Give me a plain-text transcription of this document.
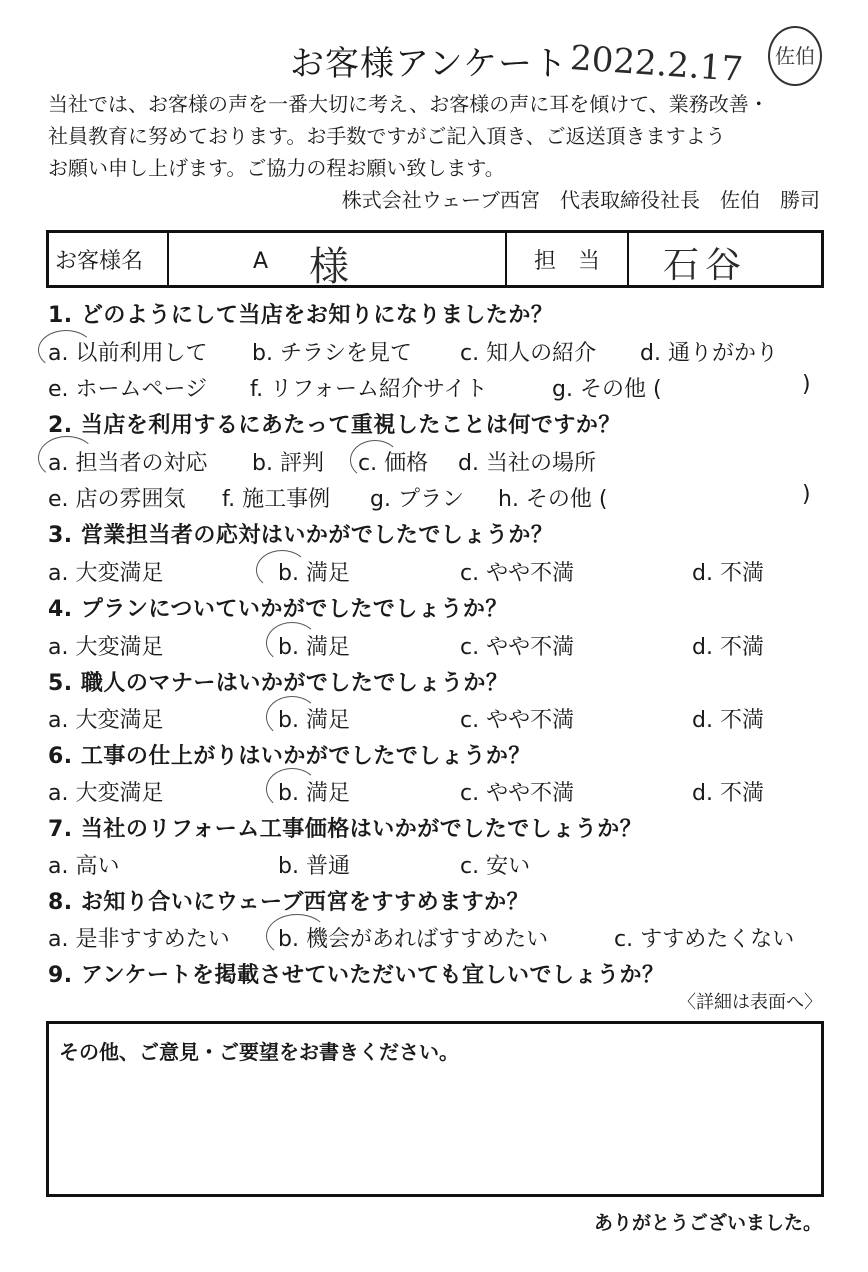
お客様アンケート 2022.2.17 佐伯
当社では、お客様の声を一番大切に考え、お客様の声に耳を傾けて、業務改善・
社員教育に努めております。お手数ですがご記入頂き、ご返送頂きますよう
お願い申し上げます。ご協力の程お願い致します。
株式会社ウェーブ西宮　代表取締役社長　佐伯　勝司
お客様名	A 様	担　当 石谷
1. どのようにして当店をお知りになりましたか？
a. 以前利用して b. チラシを見て c. 知人の紹介 d. 通りがかり
e. ホームページ f. リフォーム紹介サイト	g. その他 (	)
2. 当店を利用するにあたって重視したことは何ですか？
a. 担当者の対応 b. 評判 c. 価格 d. 当社の場所
e. 店の雰囲気 f. 施工事例 g. プラン h. その他 (	)
3. 営業担当者の応対はいかがでしたでしょうか？
a. 大変満足	b. 満足	c. やや不満	d. 不満
4. プランについていかがでしたでしょうか？
a. 大変満足	b. 満足	c. やや不満	d. 不満
5. 職人のマナーはいかがでしたでしょうか？
a. 大変満足	b. 満足	c. やや不満	d. 不満
6. 工事の仕上がりはいかがでしたでしょうか？
a. 大変満足	b. 満足	c. やや不満	d. 不満
7. 当社のリフォーム工事価格はいかがでしたでしょうか？
a. 高い	b. 普通	c. 安い
8. お知り合いにウェーブ西宮をすすめますか？
a. 是非すすめたい b. 機会があればすすめたい	c. すすめたくない
9. アンケートを掲載させていただいても宜しいでしょうか？
〈詳細は表面へ〉
その他、ご意見・ご要望をお書きください。
ありがとうございました。
